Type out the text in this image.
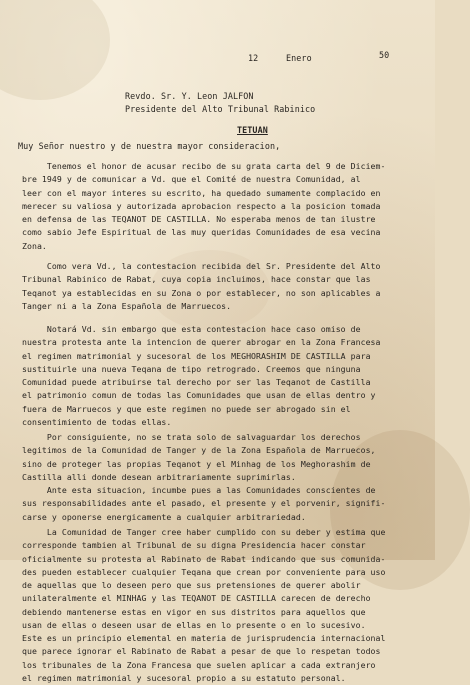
12	Enero	50
Revdo. Sr. Y. Leon JALFON
Presidente del Alto Tribunal Rabinico
TETUAN
Muy Señor nuestro y de nuestra mayor consideracion,
Tenemos el honor de acusar recibo de su grata carta del 9 de Diciem-
bre 1949 y de comunicar a Vd. que el Comité de nuestra Comunidad, al
leer con el mayor interes su escrito, ha quedado sumamente complacido en
merecer su valiosa y autorizada aprobacion respecto a la posicion tomada
en defensa de las TEQANOT DE CASTILLA. No esperaba menos de tan ilustre
como sabio Jefe Espiritual de las muy queridas Comunidades de esa vecina
Zona.
Como vera Vd., la contestacion recibida del Sr. Presidente del Alto
Tribunal Rabinico de Rabat, cuya copia incluimos, hace constar que las
Teqanot ya establecidas en su Zona o por establecer, no son aplicables a
Tanger ni a la Zona Española de Marruecos.
Notará Vd. sin embargo que esta contestacion hace caso omiso de
nuestra protesta ante la intencion de querer abrogar en la Zona Francesa
el regimen matrimonial y sucesoral de los MEGHORASHIM DE CASTILLA para
sustituirle una nueva Teqana de tipo retrogrado. Creemos que ninguna
Comunidad puede atribuirse tal derecho por ser las Teqanot de Castilla
el patrimonio comun de todas las Comunidades que usan de ellas dentro y
fuera de Marruecos y que este regimen no puede ser abrogado sin el
consentimiento de todas ellas.
Por consiguiente, no se trata solo de salvaguardar los derechos
legitimos de la Comunidad de Tanger y de la Zona Española de Marruecos,
sino de proteger las propias Teqanot y el Minhag de los Meghorashim de
Castilla alli donde desean arbitrariamente suprimirlas.
Ante esta situacion, incumbe pues a las Comunidades conscientes de
sus responsabilidades ante el pasado, el presente y el porvenir, signifi-
carse y oponerse energicamente a cualquier arbitrariedad.
La Comunidad de Tanger cree haber cumplido con su deber y estima que
corresponde tambien al Tribunal de su digna Presidencia hacer constar
oficialmente su protesta al Rabinato de Rabat indicando que sus comunida-
des pueden establecer cualquier Teqana que crean por conveniente para uso
de aquellas que lo deseen pero que sus pretensiones de querer abolir
unilateralmente el MINHAG y las TEQANOT DE CASTILLA carecen de derecho
debiendo mantenerse estas en vigor en sus distritos para aquellos que
usan de ellas o deseen usar de ellas en lo presente o en lo sucesivo.
Este es un principio elemental en materia de jurisprudencia internacional
que parece ignorar el Rabinato de Rabat a pesar de que lo respetan todos
los tribunales de la Zona Francesa que suelen aplicar a cada extranjero
el regimen matrimonial y sucesoral propio a su estatuto personal.
